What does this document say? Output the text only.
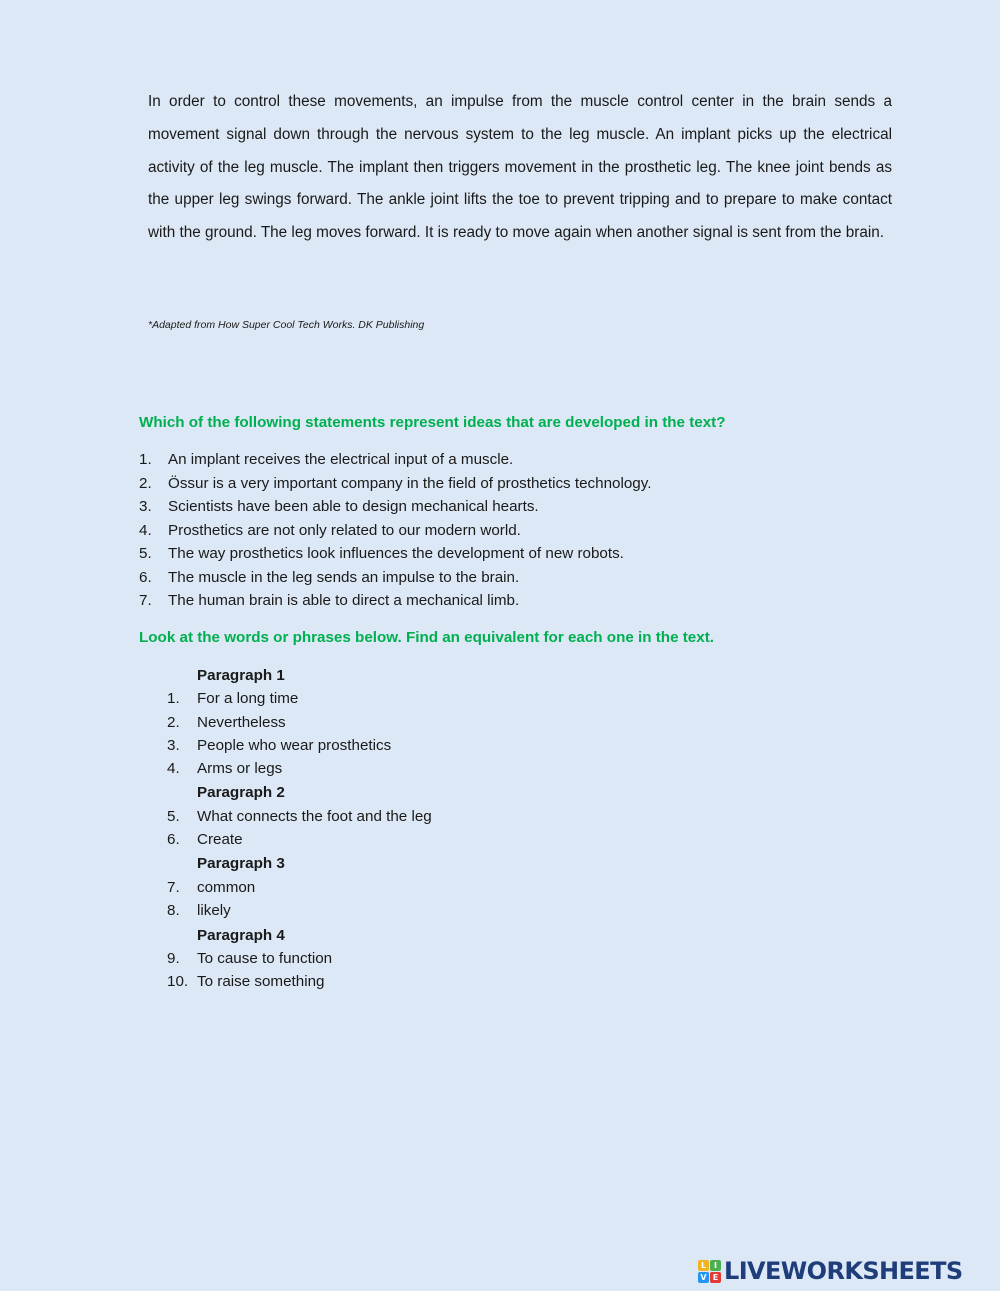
In order to control these movements, an impulse from the muscle control center in the brain sends a movement signal down through the nervous system to the leg muscle. An implant picks up the electrical activity of the leg muscle. The implant then triggers movement in the prosthetic leg. The knee joint bends as the upper leg swings forward. The ankle joint lifts the toe to prevent tripping and to prepare to make contact with the ground. The leg moves forward. It is ready to move again when another signal is sent from the brain.

*Adapted from How Super Cool Tech Works. DK Publishing
Which of the following statements represent ideas that are developed in the text?
1.	An implant receives the electrical input of a muscle.
2.	Össur is a very important company in the field of prosthetics technology.
3.	Scientists have been able to design mechanical hearts.
4.	Prosthetics are not only related to our modern world.
5.	The way prosthetics look influences the development of new robots.
6.	The muscle in the leg sends an impulse to the brain.
7.	The human brain is able to direct a mechanical limb.
Look at the words or phrases below. Find an equivalent for each one in the text.
Paragraph 1
1.	For a long time
2.	Nevertheless
3.	People who wear prosthetics
4.	Arms or legs
Paragraph 2
5.	What connects the foot and the leg
6.	Create
Paragraph 3
7.	common
8.	likely
Paragraph 4
9.	To cause to function
10. To raise something
L I
V E LIVEWORKSHEETS
